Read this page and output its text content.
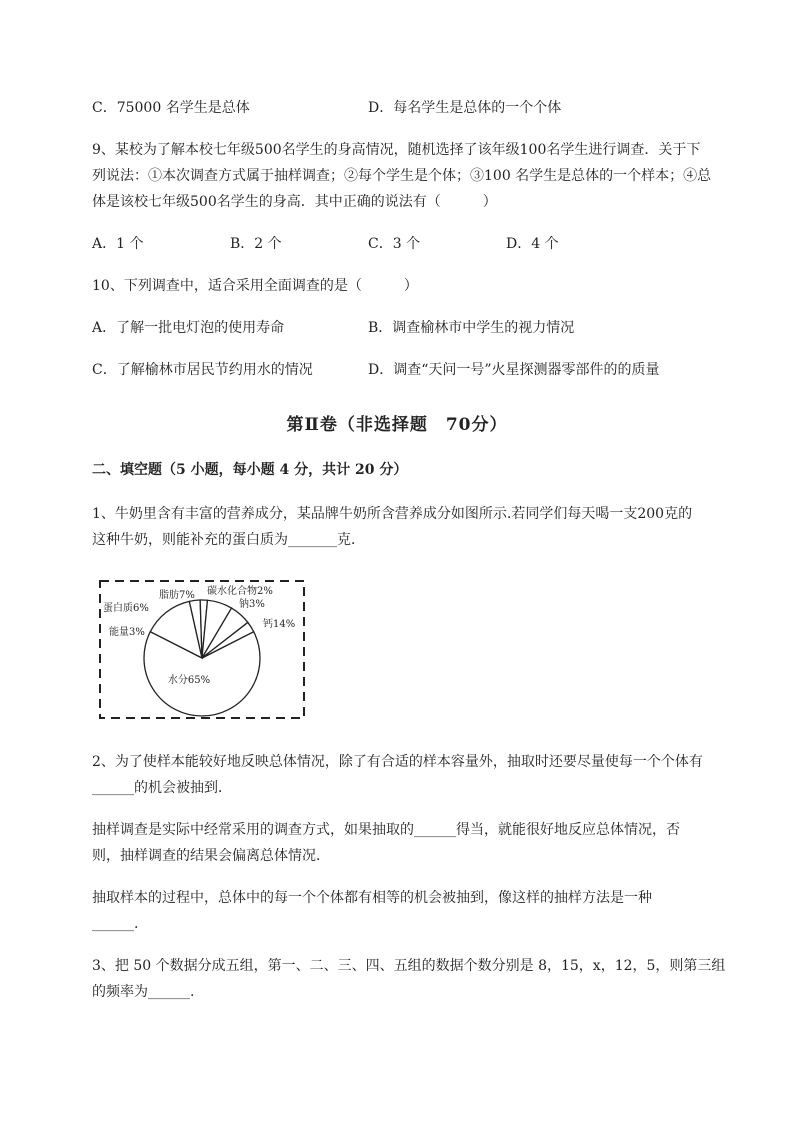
C．75000 名学生是总体	D．每名学生是总体的一个个体
9、某校为了解本校七年级500名学生的身高情况，随机选择了该年级100名学生进行调查．关于下
列说法：①本次调查方式属于抽样调查；②每个学生是个体；③100 名学生是总体的一个样本；④总
体是该校七年级500名学生的身高．其中正确的说法有（　　　）
A．1 个	B．2 个	C．3 个	D．4 个
10、下列调查中，适合采用全面调查的是（　　　）
A．了解一批电灯泡的使用寿命	B．调查榆林市中学生的视力情况
C．了解榆林市居民节约用水的情况	D．调查“天问一号”火星探测器零部件的的质量
第Ⅱ卷（非选择题　70分）
二、填空题（5 小题，每小题 4 分，共计 20 分）
1、牛奶里含有丰富的营养成分，某品牌牛奶所含营养成分如图所示.若同学们每天喝一支200克的
这种牛奶，则能补充的蛋白质为_______克．
水分65%
钙14%
钠3%
碳水化合物2%
脂肪7%
蛋白质6%
能量3%
2、为了使样本能较好地反映总体情况，除了有合适的样本容量外，抽取时还要尽量使每一个个体有
______的机会被抽到．
抽样调查是实际中经常采用的调查方式，如果抽取的______得当，就能很好地反应总体情况，否
则，抽样调查的结果会偏离总体情况．
抽取样本的过程中，总体中的每一个个体都有相等的机会被抽到，像这样的抽样方法是一种
______.
3、把 50 个数据分成五组，第一、二、三、四、五组的数据个数分别是 8，15，x，12，5，则第三组
的频率为______.
